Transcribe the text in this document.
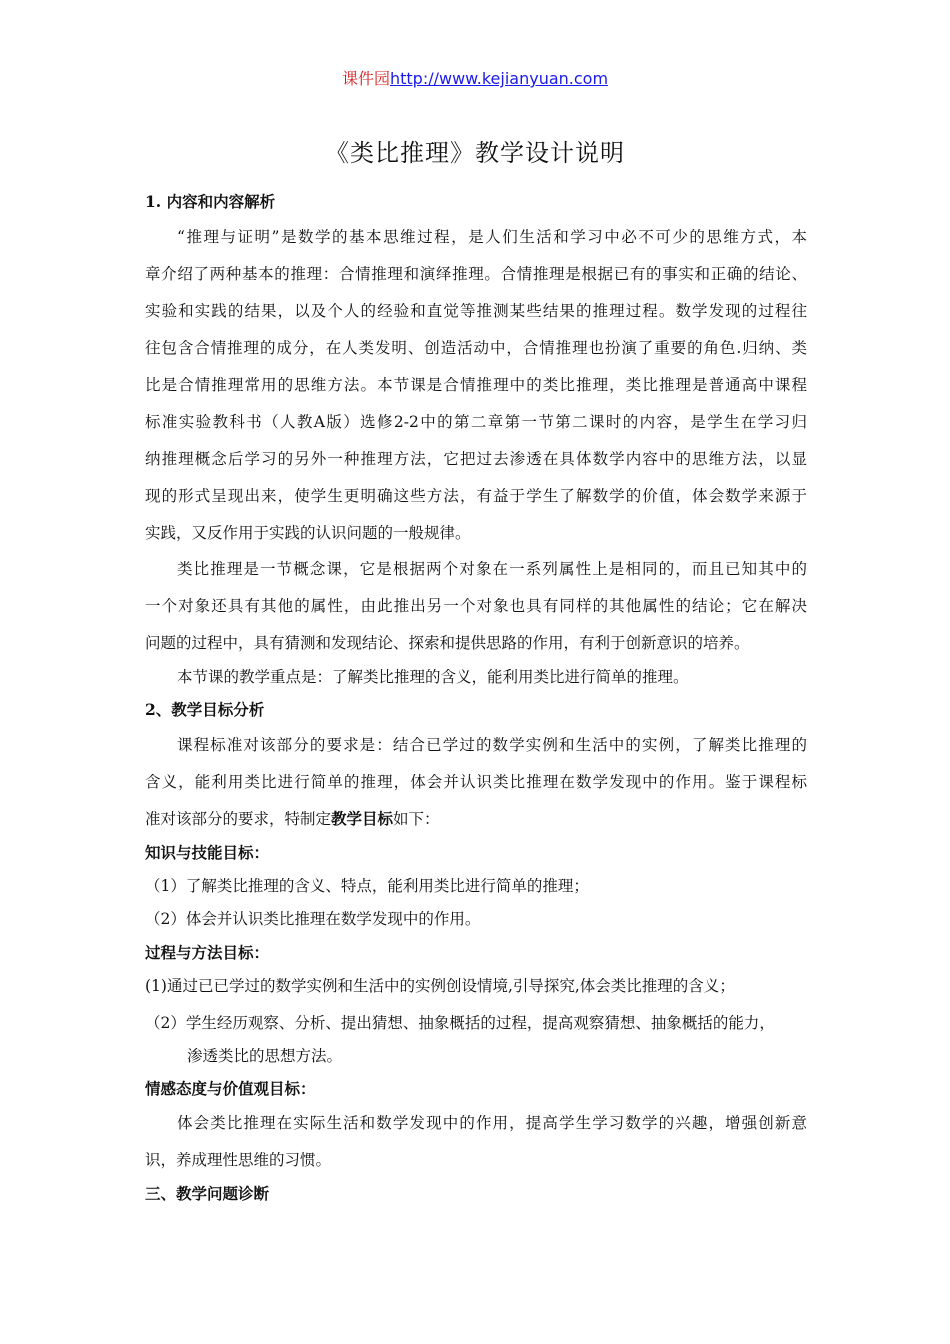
课件园http://www.kejianyuan.com
《类比推理》教学设计说明
1. 内容和内容解析
“推理与证明”是数学的基本思维过程，是人们生活和学习中必不可少的思维方式，本
章介绍了两种基本的推理：合情推理和演绎推理。合情推理是根据已有的事实和正确的结论、
实验和实践的结果，以及个人的经验和直觉等推测某些结果的推理过程。数学发现的过程往
往包含合情推理的成分，在人类发明、创造活动中，合情推理也扮演了重要的角色.归纳、类
比是合情推理常用的思维方法。本节课是合情推理中的类比推理，类比推理是普通高中课程
标准实验教科书（人教A版）选修2-2中的第二章第一节第二课时的内容，是学生在学习归
纳推理概念后学习的另外一种推理方法，它把过去渗透在具体数学内容中的思维方法，以显
现的形式呈现出来，使学生更明确这些方法，有益于学生了解数学的价值，体会数学来源于
实践，又反作用于实践的认识问题的一般规律。
类比推理是一节概念课，它是根据两个对象在一系列属性上是相同的，而且已知其中的
一个对象还具有其他的属性，由此推出另一个对象也具有同样的其他属性的结论；它在解决
问题的过程中，具有猜测和发现结论、探索和提供思路的作用，有利于创新意识的培养。
本节课的教学重点是：了解类比推理的含义，能利用类比进行简单的推理。
2、教学目标分析
课程标准对该部分的要求是：结合已学过的数学实例和生活中的实例，了解类比推理的
含义，能利用类比进行简单的推理，体会并认识类比推理在数学发现中的作用。鉴于课程标
准对该部分的要求，特制定教学目标如下：
知识与技能目标：
（1）了解类比推理的含义、特点，能利用类比进行简单的推理；
（2）体会并认识类比推理在数学发现中的作用。
过程与方法目标：
(1)通过已已学过的数学实例和生活中的实例创设情境,引导探究,体会类比推理的含义；
（2）学生经历观察、分析、提出猜想、抽象概括的过程，提高观察猜想、抽象概括的能力，
渗透类比的思想方法。
情感态度与价值观目标：
体会类比推理在实际生活和数学发现中的作用，提高学生学习数学的兴趣，增强创新意
识，养成理性思维的习惯。
三、教学问题诊断
